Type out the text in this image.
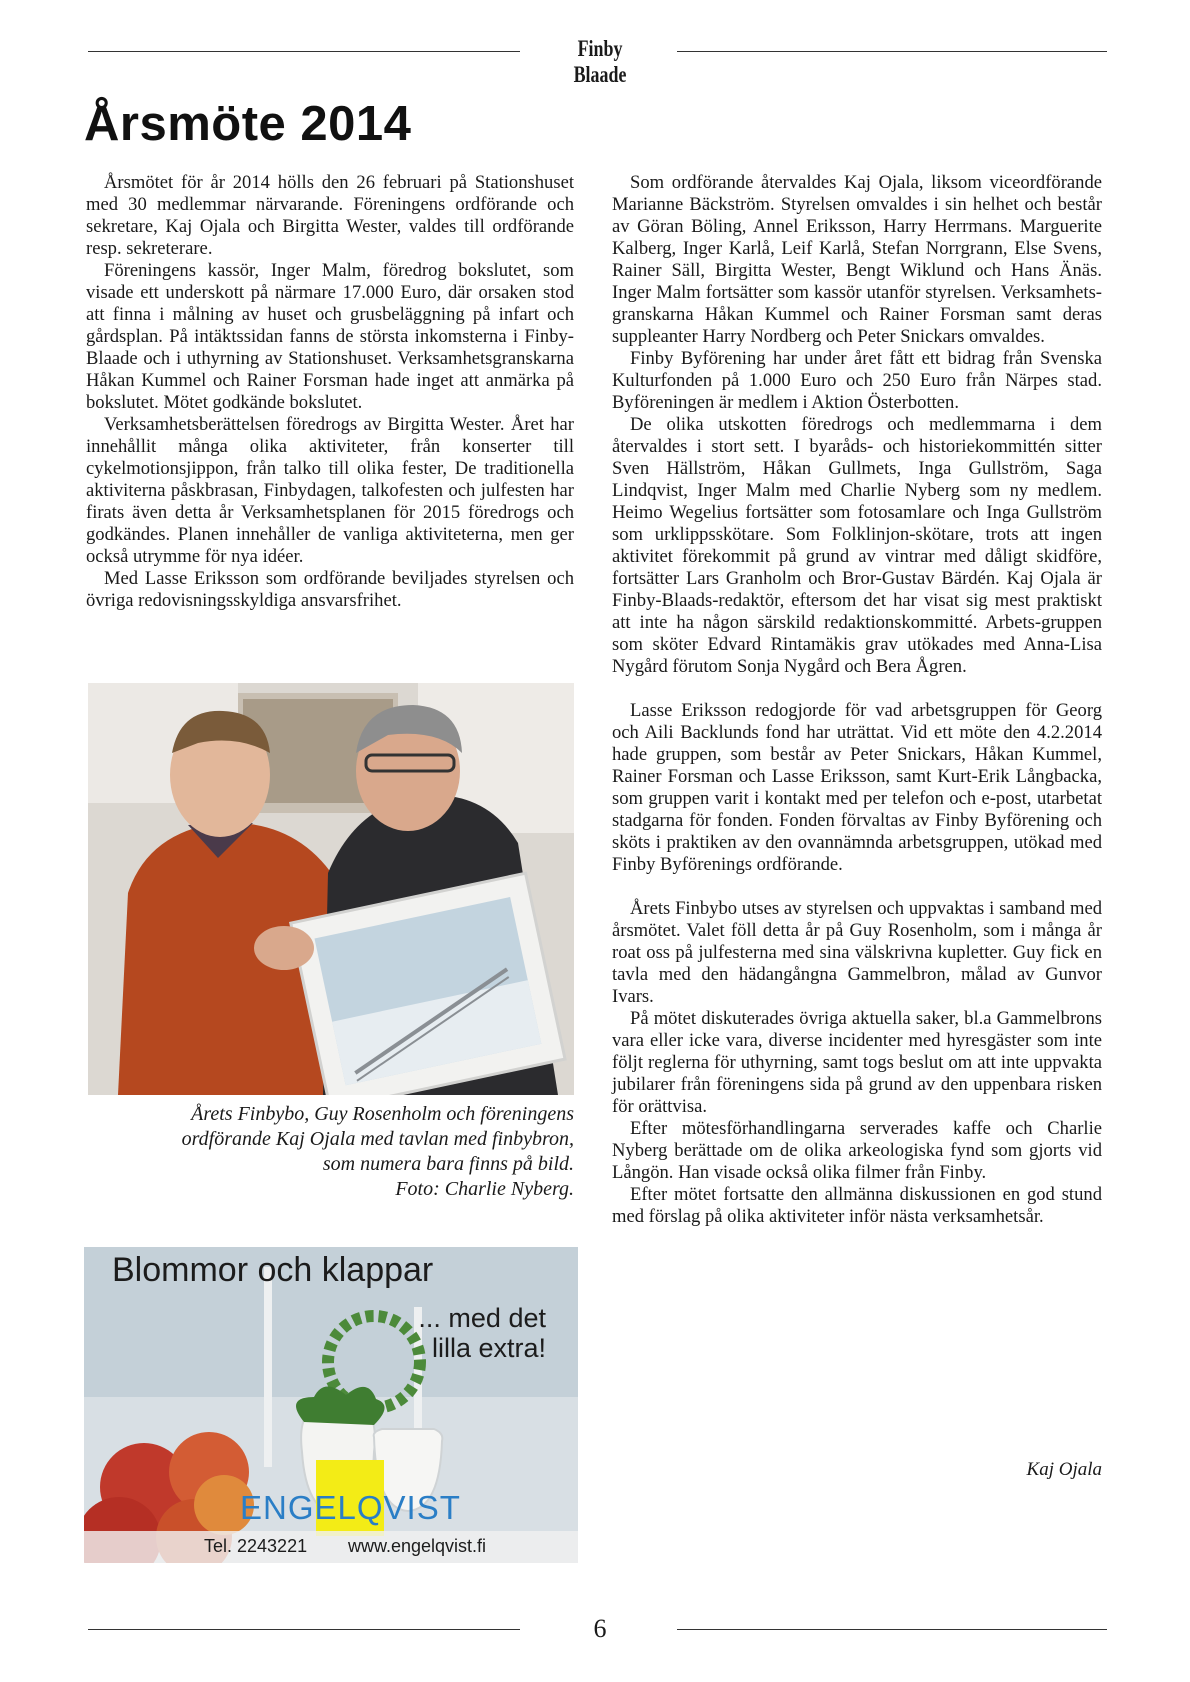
Finby Blaade
Årsmöte 2014

Årsmötet för år 2014 hölls den 26 februari på Stationshuset med 30 medlemmar närvarande. Föreningens ordförande och sekretare, Kaj Ojala och Birgitta Wester, valdes till ordförande resp. sekreterare.

Föreningens kassör, Inger Malm, föredrog bokslutet, som visade ett underskott på närmare 17.000 Euro, där orsaken stod att finna i målning av huset och grusbeläggning på infart och gårdsplan. På intäktssidan fanns de största inkomsterna i Finby-Blaade och i uthyrning av Stationshuset. Verksamhetsgranskarna Håkan Kummel och Rainer Forsman hade inget att anmärka på bokslutet. Mötet godkände bokslutet.

Verksamhetsberättelsen föredrogs av Birgitta Wester. Året har innehållit många olika aktiviteter, från konserter till cykelmotionsjippon, från talko till olika fester, De traditionella aktiviterna påskbrasan, Finbydagen, talkofesten och julfesten har firats även detta år Verksamhetsplanen för 2015 föredrogs och godkändes. Planen innehåller de vanliga aktiviteterna, men ger också utrymme för nya idéer.

Med Lasse Eriksson som ordförande beviljades styrelsen och övriga redovisningsskyldiga ansvarsfrihet.

Årets Finbybo, Guy Rosenholm och föreningens

ordförande Kaj Ojala med tavlan med finbybron,

som numera bara finns på bild.

Foto: Charlie Nyberg.

Blommor och klappar
... med det
lilla extra!
ENGELQVIST
Tel. 2243221 www.engelqvist.fi

Som ordförande återvaldes Kaj Ojala, liksom viceordförande Marianne Bäckström. Styrelsen omvaldes i sin helhet och består av Göran Böling, Annel Eriksson, Harry Herrmans. Marguerite Kalberg, Inger Karlå, Leif Karlå, Stefan Norrgrann, Else Svens, Rainer Säll, Birgitta Wester, Bengt Wiklund och Hans Änäs. Inger Malm fortsätter som kassör utanför styrelsen. Verksamhets-granskarna Håkan Kummel och Rainer Forsman samt deras suppleanter Harry Nordberg och Peter Snickars omvaldes.

Finby Byförening har under året fått ett bidrag från Svenska Kulturfonden på 1.000 Euro och 250 Euro från Närpes stad. Byföreningen är medlem i Aktion Österbotten.

De olika utskotten föredrogs och medlemmarna i dem återvaldes i stort sett. I byaråds- och historiekommittén sitter Sven Hällström, Håkan Gullmets, Inga Gullström, Saga Lindqvist, Inger Malm med Charlie Nyberg som ny medlem. Heimo Wegelius fortsätter som fotosamlare och Inga Gullström som urklippsskötare. Som Folklinjon-skötare, trots att ingen aktivitet förekommit på grund av vintrar med dåligt skidföre, fortsätter Lars Granholm och Bror-Gustav Bärdén. Kaj Ojala är Finby-Blaads-redaktör, eftersom det har visat sig mest praktiskt att inte ha någon särskild redaktionskommitté. Arbets-gruppen som sköter Edvard Rintamäkis grav utökades med Anna-Lisa Nygård förutom Sonja Nygård och Bera Ågren.

Lasse Eriksson redogjorde för vad arbetsgruppen för Georg och Aili Backlunds fond har uträttat. Vid ett möte den 4.2.2014 hade gruppen, som består av Peter Snickars, Håkan Kummel, Rainer Forsman och Lasse Eriksson, samt Kurt-Erik Långbacka, som gruppen varit i kontakt med per telefon och e-post, utarbetat stadgarna för fonden. Fonden förvaltas av Finby Byförening och sköts i praktiken av den ovannämnda arbetsgruppen, utökad med Finby Byförenings ordförande.

Årets Finbybo utses av styrelsen och uppvaktas i samband med årsmötet. Valet föll detta år på Guy Rosenholm, som i många år roat oss på julfesterna med sina välskrivna kupletter. Guy fick en tavla med den hädangångna Gammelbron, målad av Gunvor Ivars.

På mötet diskuterades övriga aktuella saker, bl.a Gammelbrons vara eller icke vara, diverse incidenter med hyresgäster som inte följt reglerna för uthyrning, samt togs beslut om att inte uppvakta jubilarer från föreningens sida på grund av den uppenbara risken för orättvisa.

Efter mötesförhandlingarna serverades kaffe och Charlie Nyberg berättade om de olika arkeologiska fynd som gjorts vid Långön. Han visade också olika filmer från Finby.

Efter mötet fortsatte den allmänna diskussionen en god stund med förslag på olika aktiviteter inför nästa verksamhetsår.

Kaj Ojala
6
